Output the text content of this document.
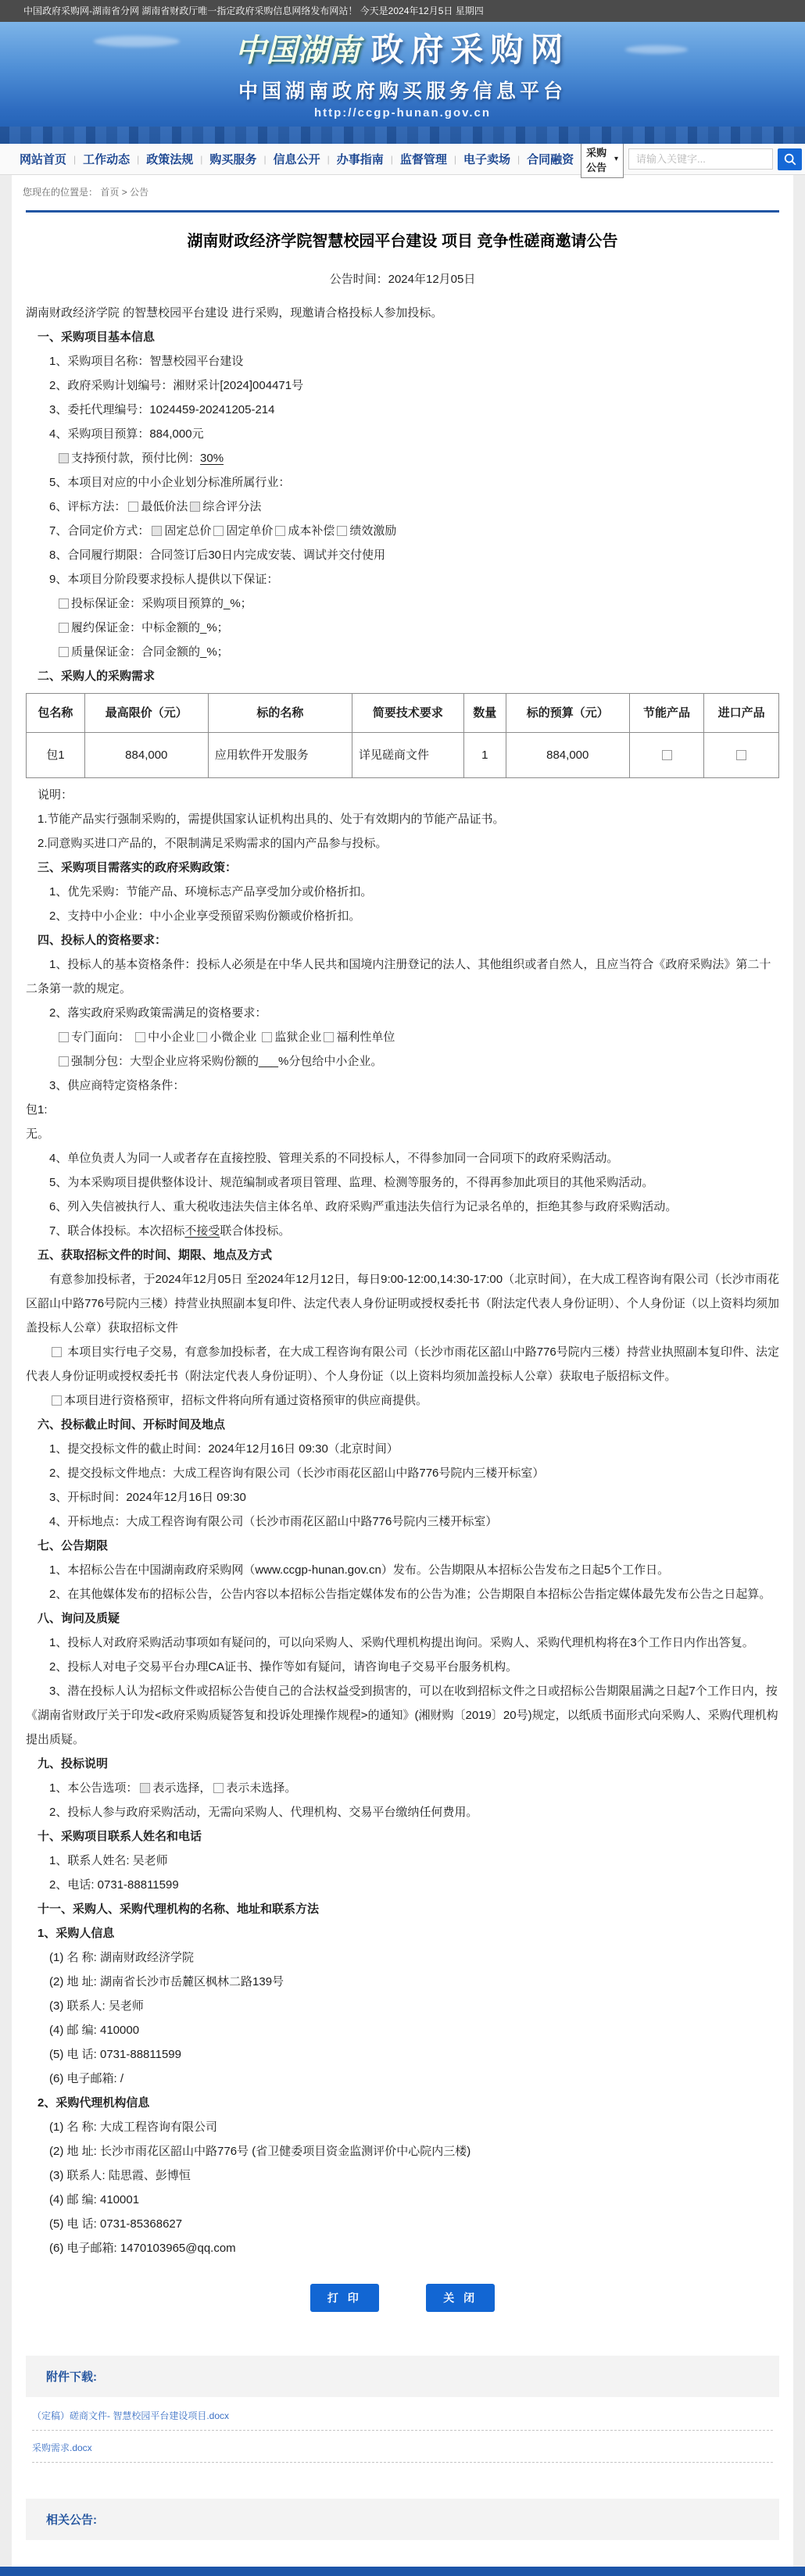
中国政府采购网-湖南省分网 湖南省财政厅唯一指定政府采购信息网络发布网站！ 今天是2024年12月5日 星期四
中国湖南 政府采购网
中国湖南政府购买服务信息平台
http://ccgp-hunan.gov.cn
网站首页 | 工作动态 | 政策法规 | 购买服务 | 信息公开 | 办事指南 | 监督管理 | 电子卖场 | 合同融资
采购公告
▾
请输入关键字...
您现在的位置是： 首页 > 公告
湖南财政经济学院智慧校园平台建设 项目 竞争性磋商邀请公告
公告时间：2024年12月05日
湖南财政经济学院 的智慧校园平台建设 进行采购，现邀请合格投标人参加投标。
一、采购项目基本信息
1、采购项目名称：智慧校园平台建设
2、政府采购计划编号：湘财采计[2024]004471号
3、委托代理编号：1024459-20241205-214
4、采购项目预算：884,000元
✓支持预付款，预付比例：30%
5、本项目对应的中小企业划分标准所属行业：
6、评标方法： 最低价法 ✓ 综合评分法
7、合同定价方式： ✓ 固定总价 固定单价 成本补偿 绩效激励
8、合同履行期限：合同签订后30日内完成安装、调试并交付使用
9、本项目分阶段要求投标人提供以下保证：
投标保证金：采购项目预算的_%；
履约保证金：中标金额的_%；
质量保证金：合同金额的_%；
二、采购人的采购需求
包名称	最高限价（元）	标的名称	简要技术要求	数量	标的预算（元）	节能产品	进口产品
包1	884,000	应用软件开发服务	详见磋商文件	1	884,000		
说明：
1.节能产品实行强制采购的，需提供国家认证机构出具的、处于有效期内的节能产品证书。
2.同意购买进口产品的，不限制满足采购需求的国内产品参与投标。
三、采购项目需落实的政府采购政策：
1、优先采购：节能产品、环境标志产品享受加分或价格折扣。
2、支持中小企业：中小企业享受预留采购份额或价格折扣。
四、投标人的资格要求：
1、投标人的基本资格条件：投标人必须是在中华人民共和国境内注册登记的法人、其他组织或者自然人，且应当符合《政府采购法》第二十二条第一款的规定。
2、落实政府采购政策需满足的资格要求：
专门面向： 中小企业 小微企业 监狱企业 福利性单位
强制分包：大型企业应将采购份额的___%分包给中小企业。
3、供应商特定资格条件：
包1:
无。
4、单位负责人为同一人或者存在直接控股、管理关系的不同投标人，不得参加同一合同项下的政府采购活动。
5、为本采购项目提供整体设计、规范编制或者项目管理、监理、检测等服务的，不得再参加此项目的其他采购活动。
6、列入失信被执行人、重大税收违法失信主体名单、政府采购严重违法失信行为记录名单的，拒绝其参与政府采购活动。
7、联合体投标。本次招标不接受联合体投标。
五、获取招标文件的时间、期限、地点及方式
有意参加投标者，于2024年12月05日 至2024年12月12日，每日9:00-12:00,14:30-17:00（北京时间），在大成工程咨询有限公司（长沙市雨花区韶山中路776号院内三楼）持营业执照副本复印件、法定代表人身份证明或授权委托书（附法定代表人身份证明）、个人身份证（以上资料均须加盖投标人公章）获取招标文件
本项目实行电子交易，有意参加投标者，在大成工程咨询有限公司（长沙市雨花区韶山中路776号院内三楼）持营业执照副本复印件、法定代表人身份证明或授权委托书（附法定代表人身份证明）、个人身份证（以上资料均须加盖投标人公章）获取电子版招标文件。
本项目进行资格预审，招标文件将向所有通过资格预审的供应商提供。
六、投标截止时间、开标时间及地点
1、提交投标文件的截止时间：2024年12月16日 09:30（北京时间）
2、提交投标文件地点：大成工程咨询有限公司（长沙市雨花区韶山中路776号院内三楼开标室）
3、开标时间：2024年12月16日 09:30
4、开标地点：大成工程咨询有限公司（长沙市雨花区韶山中路776号院内三楼开标室）
七、公告期限
1、本招标公告在中国湖南政府采购网（www.ccgp-hunan.gov.cn）发布。公告期限从本招标公告发布之日起5个工作日。
2、在其他媒体发布的招标公告，公告内容以本招标公告指定媒体发布的公告为准；公告期限自本招标公告指定媒体最先发布公告之日起算。
八、询问及质疑
1、投标人对政府采购活动事项如有疑问的，可以向采购人、采购代理机构提出询问。采购人、采购代理机构将在3个工作日内作出答复。
2、投标人对电子交易平台办理CA证书、操作等如有疑问，请咨询电子交易平台服务机构。
3、潜在投标人认为招标文件或招标公告使自己的合法权益受到损害的，可以在收到招标文件之日或招标公告期限届满之日起7个工作日内，按《湖南省财政厅关于印发<政府采购质疑答复和投诉处理操作规程>的通知》(湘财购〔2019〕20号)规定，以纸质书面形式向采购人、采购代理机构提出质疑。
九、投标说明
1、本公告选项： ✓ 表示选择， 表示未选择。
2、投标人参与政府采购活动，无需向采购人、代理机构、交易平台缴纳任何费用。
十、采购项目联系人姓名和电话
1、联系人姓名: 吴老师
2、电话: 0731-88811599
十一、采购人、采购代理机构的名称、地址和联系方法
1、采购人信息
(1) 名 称: 湖南财政经济学院
(2) 地 址: 湖南省长沙市岳麓区枫林二路139号
(3) 联系人: 吴老师
(4) 邮 编: 410000
(5) 电 话: 0731-88811599
(6) 电子邮箱: /
2、采购代理机构信息
(1) 名 称: 大成工程咨询有限公司
(2) 地 址: 长沙市雨花区韶山中路776号 (省卫健委项目资金监测评价中心院内三楼)
(3) 联系人: 陆思霞、彭博恒
(4) 邮 编: 410001
(5) 电 话: 0731-85368627
(6) 电子邮箱: 1470103965@qq.com
打 印	关 闭
附件下载:
（定稿）磋商文件- 智慧校园平台建设项目.docx
采购需求.docx
相关公告:
